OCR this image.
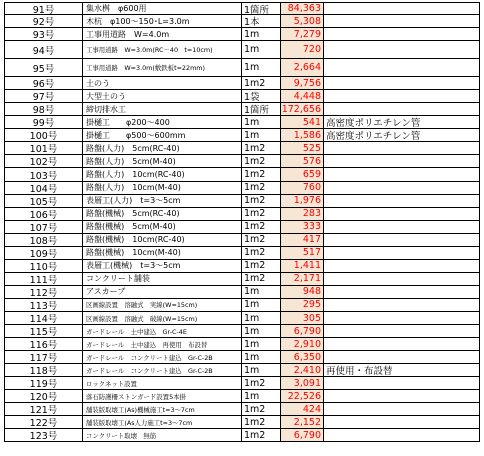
91号	集水桝　φ600用	1箇所	84,363
92号	木杭　φ100～150･L=3.0m	1本	5,308
93号	工事用道路　W=4.0m	1m	7,279
94号	工事用道路　W=3.0m(RC－40　t=10cm)	1m	720
95号	工事用道路　W=3.0m(敷鉄板t=22mm)	1m	2,664
96号	土のう	1m2	9,756
97号	大型土のう	1袋	4,448
98号	締切排水工	1箇所	172,656
99号	掛樋工　　φ200～400	1m	541 高密度ポリエチレン管
100号	掛樋工　　φ500～600mm	1m	1,586 高密度ポリエチレン管
101号	路盤(人力)　5cm(RC-40)	1m2	525
102号	路盤(人力)　5cm(M-40)	1m2	576
103号	路盤(人力)　10cm(RC-40)	1m2	659
104号	路盤(人力)　10cm(M-40)	1m2	760
105号	表層工(人力)　t=3～5cm	1m2	1,976
106号	路盤(機械)　5cm(RC-40)	1m2	283
107号	路盤(機械)　5cm(M-40)	1m2	333
108号	路盤(機械)　10cm(RC-40)	1m2	417
109号	路盤(機械)　10cm(M-40)	1m2	517
110号	表層工(機械)　t=3～5cm	1m2	1,411
111号	コンクリート舗装	1m2	2,171
112号	アスカーブ	1m	948
113号	区画線設置　溶融式　実線(W=15cm)	1m	295
114号	区画線設置　溶融式　破線(W=15cm)	1m	305
115号	ガードレール　土中建込　Gr-C-4E	1m	6,790
116号	ガードレール　土中建込　再使用　布設替	1m	2,910
117号	ガードレール　コンクリート建込　Gr-C-2B	1m	6,350
118号	ガードレール　コンクリート建込　Gr-C-2B	1m	2,410 再使用・布設替
119号	ロックネット設置	1m2	3,091
120号	落石防護柵ストンガード設置5本掛	1m	22,526
121号	舗装版取壊工(As)機械施工t=3～7cm	1m2	424
122号	舗装版取壊工(As人力施工t=3～7cm	1m2	2,152
123号	コンクリート取壊　無筋	1m2	6,790
